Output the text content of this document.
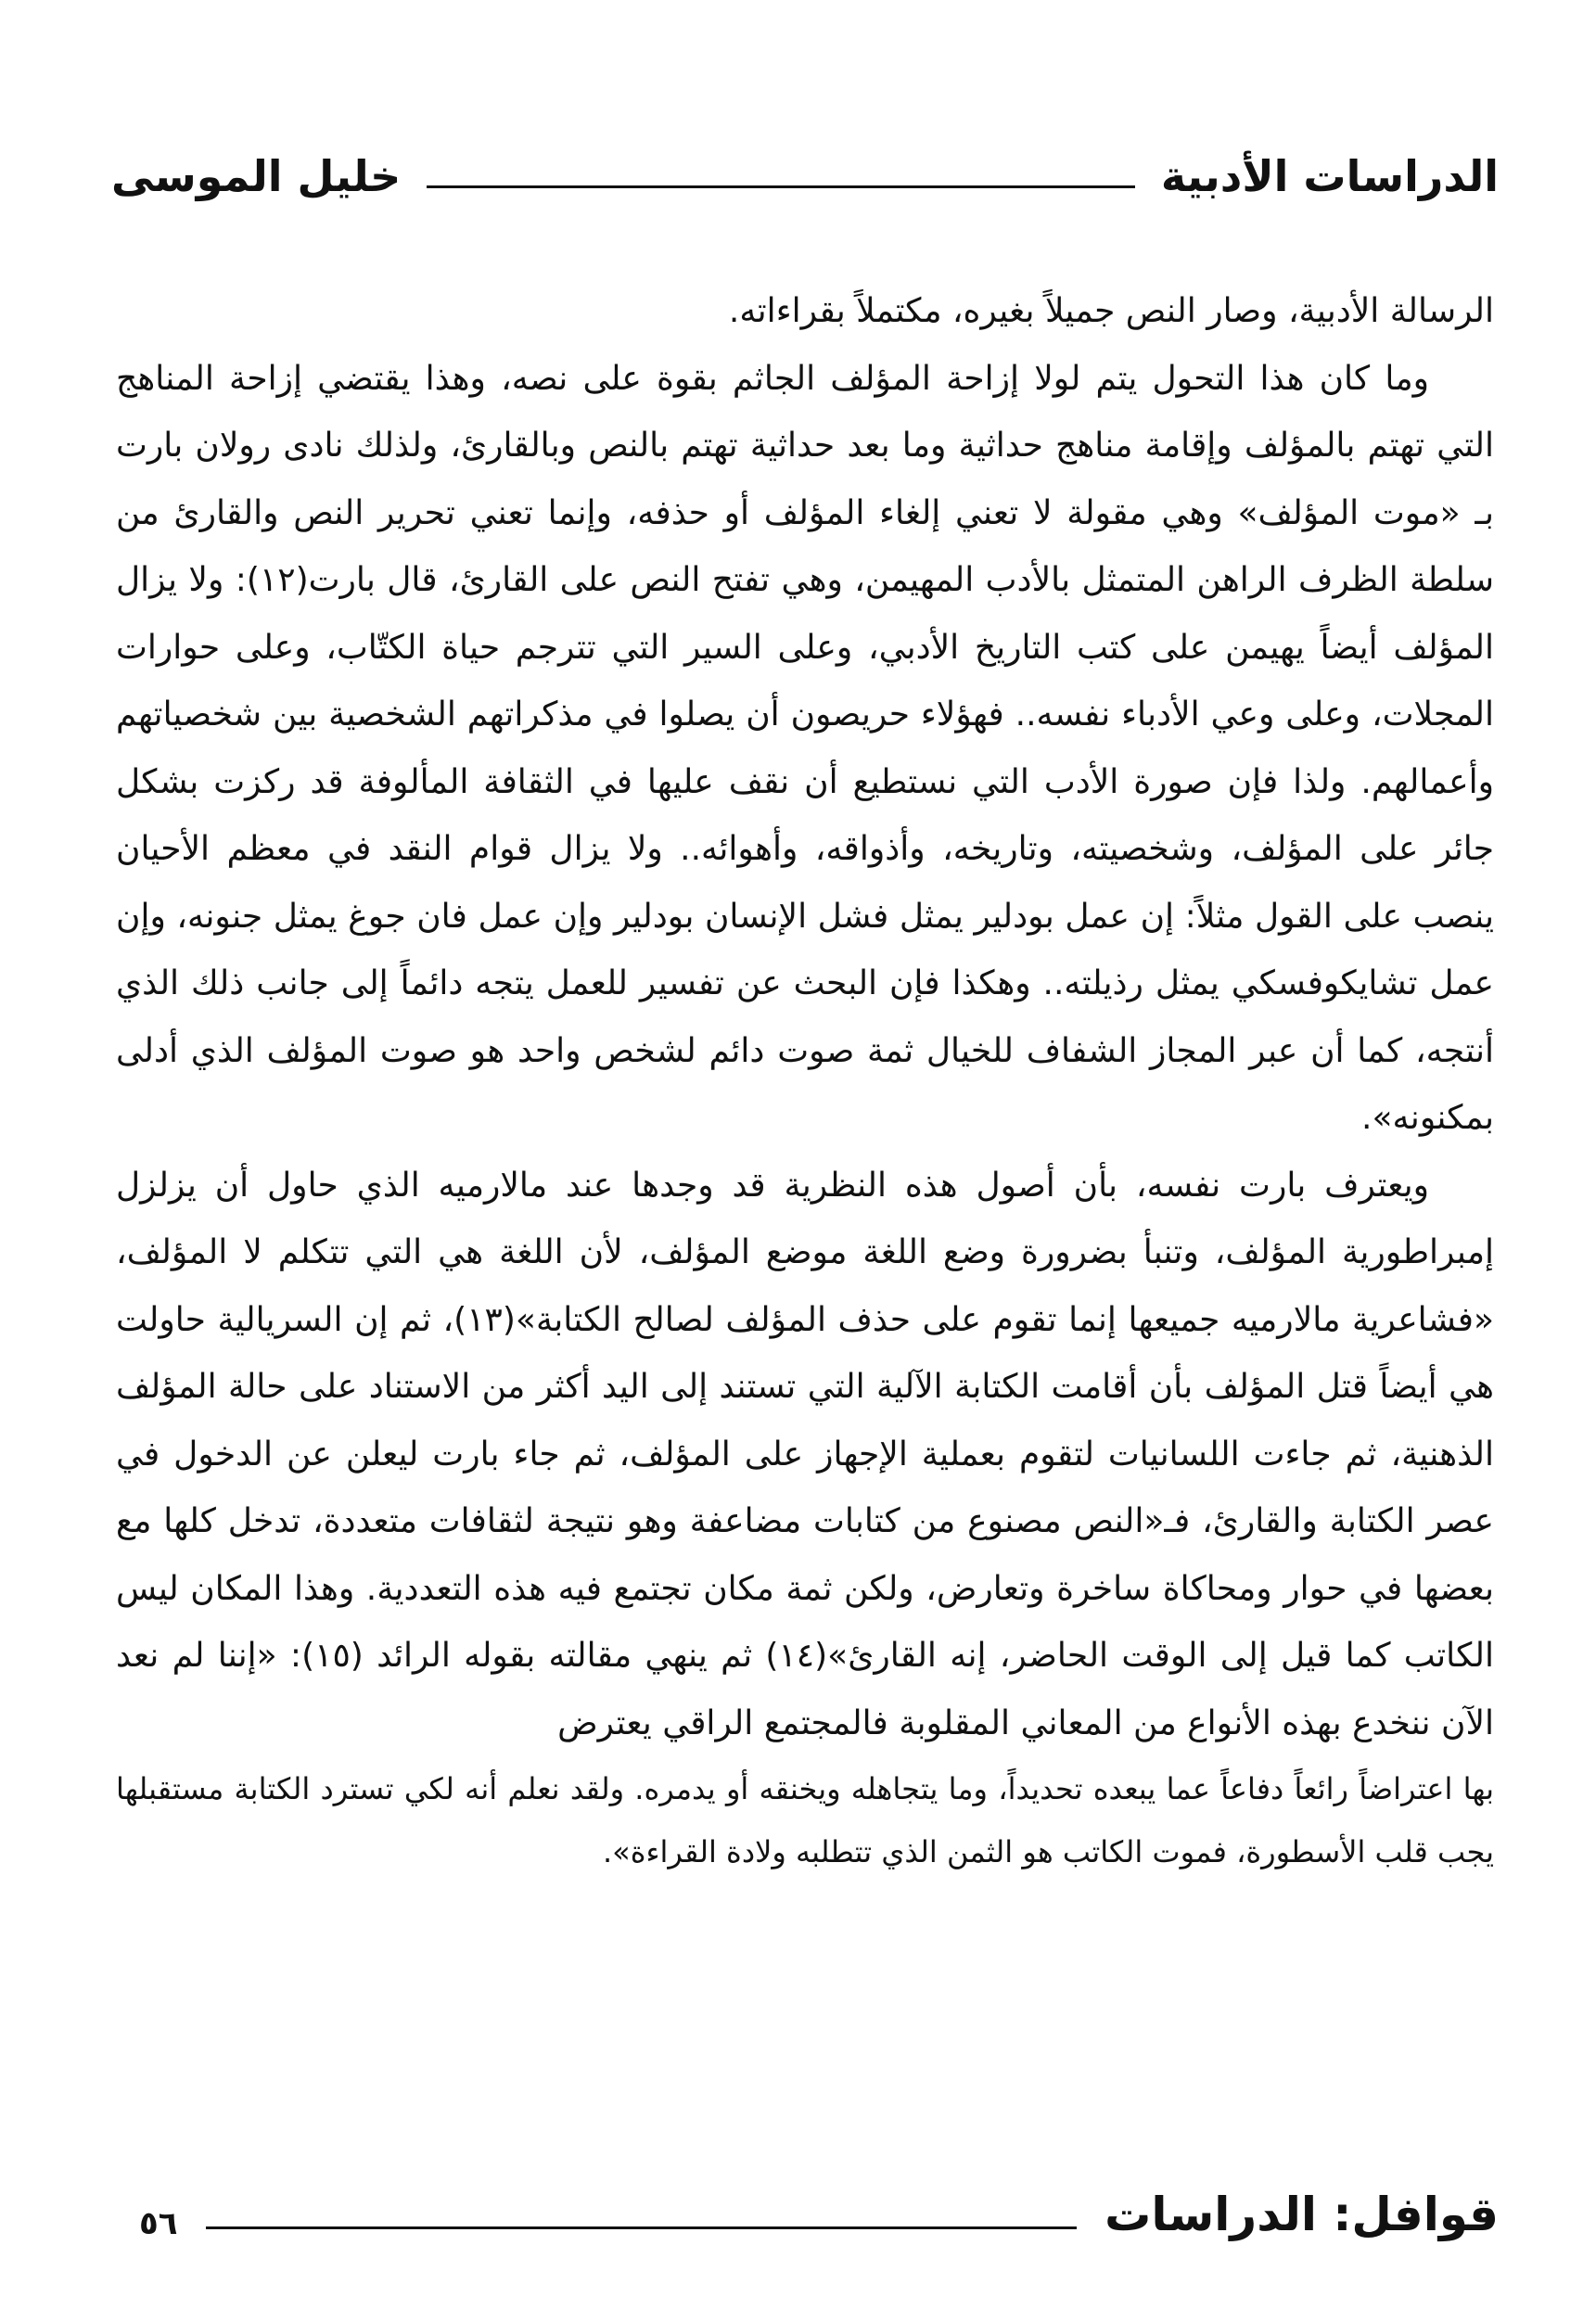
الدراسات الأدبية
خليل الموسى

الرسالة الأدبية، وصار النص جميلاً بغيره، مكتملاً بقراءاته.

وما كان هذا التحول يتم لولا إزاحة المؤلف الجاثم بقوة على نصه، وهذا يقتضي إزاحة المناهج التي تهتم بالمؤلف وإقامة مناهج حداثية وما بعد حداثية تهتم بالنص وبالقارئ، ولذلك نادى رولان بارت بـ «موت المؤلف» وهي مقولة لا تعني إلغاء المؤلف أو حذفه، وإنما تعني تحرير النص والقارئ من سلطة الظرف الراهن المتمثل بالأدب المهيمن، وهي تفتح النص على القارئ، قال بارت(١٢): ولا يزال المؤلف أيضاً يهيمن على كتب التاريخ الأدبي، وعلى السير التي تترجم حياة الكتّاب، وعلى حوارات المجلات، وعلى وعي الأدباء نفسه.. فهؤلاء حريصون أن يصلوا في مذكراتهم الشخصية بين شخصياتهم وأعمالهم. ولذا فإن صورة الأدب التي نستطيع أن نقف عليها في الثقافة المألوفة قد ركزت بشكل جائر على المؤلف، وشخصيته، وتاريخه، وأذواقه، وأهوائه.. ولا يزال قوام النقد في معظم الأحيان ينصب على القول مثلاً: إن عمل بودلير يمثل فشل الإنسان بودلير وإن عمل فان جوغ يمثل جنونه، وإن عمل تشايكوفسكي يمثل رذيلته.. وهكذا فإن البحث عن تفسير للعمل يتجه دائماً إلى جانب ذلك الذي أنتجه، كما أن عبر المجاز الشفاف للخيال ثمة صوت دائم لشخص واحد هو صوت المؤلف الذي أدلى بمكنونه».

ويعترف بارت نفسه، بأن أصول هذه النظرية قد وجدها عند مالارميه الذي حاول أن يزلزل إمبراطورية المؤلف، وتنبأ بضرورة وضع اللغة موضع المؤلف، لأن اللغة هي التي تتكلم لا المؤلف، «فشاعرية مالارميه جميعها إنما تقوم على حذف المؤلف لصالح الكتابة»(١٣)، ثم إن السريالية حاولت هي أيضاً قتل المؤلف بأن أقامت الكتابة الآلية التي تستند إلى اليد أكثر من الاستناد على حالة المؤلف الذهنية، ثم جاءت اللسانيات لتقوم بعملية الإجهاز على المؤلف، ثم جاء بارت ليعلن عن الدخول في عصر الكتابة والقارئ، فـ«النص مصنوع من كتابات مضاعفة وهو نتيجة لثقافات متعددة، تدخل كلها مع بعضها في حوار ومحاكاة ساخرة وتعارض، ولكن ثمة مكان تجتمع فيه هذه التعددية. وهذا المكان ليس الكاتب كما قيل إلى الوقت الحاضر، إنه القارئ»(١٤) ثم ينهي مقالته بقوله الرائد (١٥): «إننا لم نعد الآن ننخدع بهذه الأنواع من المعاني المقلوبة فالمجتمع الراقي يعترض

بها اعتراضاً رائعاً دفاعاً عما يبعده تحديداً، وما يتجاهله ويخنقه أو يدمره. ولقد نعلم أنه لكي تسترد الكتابة مستقبلها يجب قلب الأسطورة، فموت الكاتب هو الثمن الذي تتطلبه ولادة القراءة».

قوافل: الدراسات
٥٦
